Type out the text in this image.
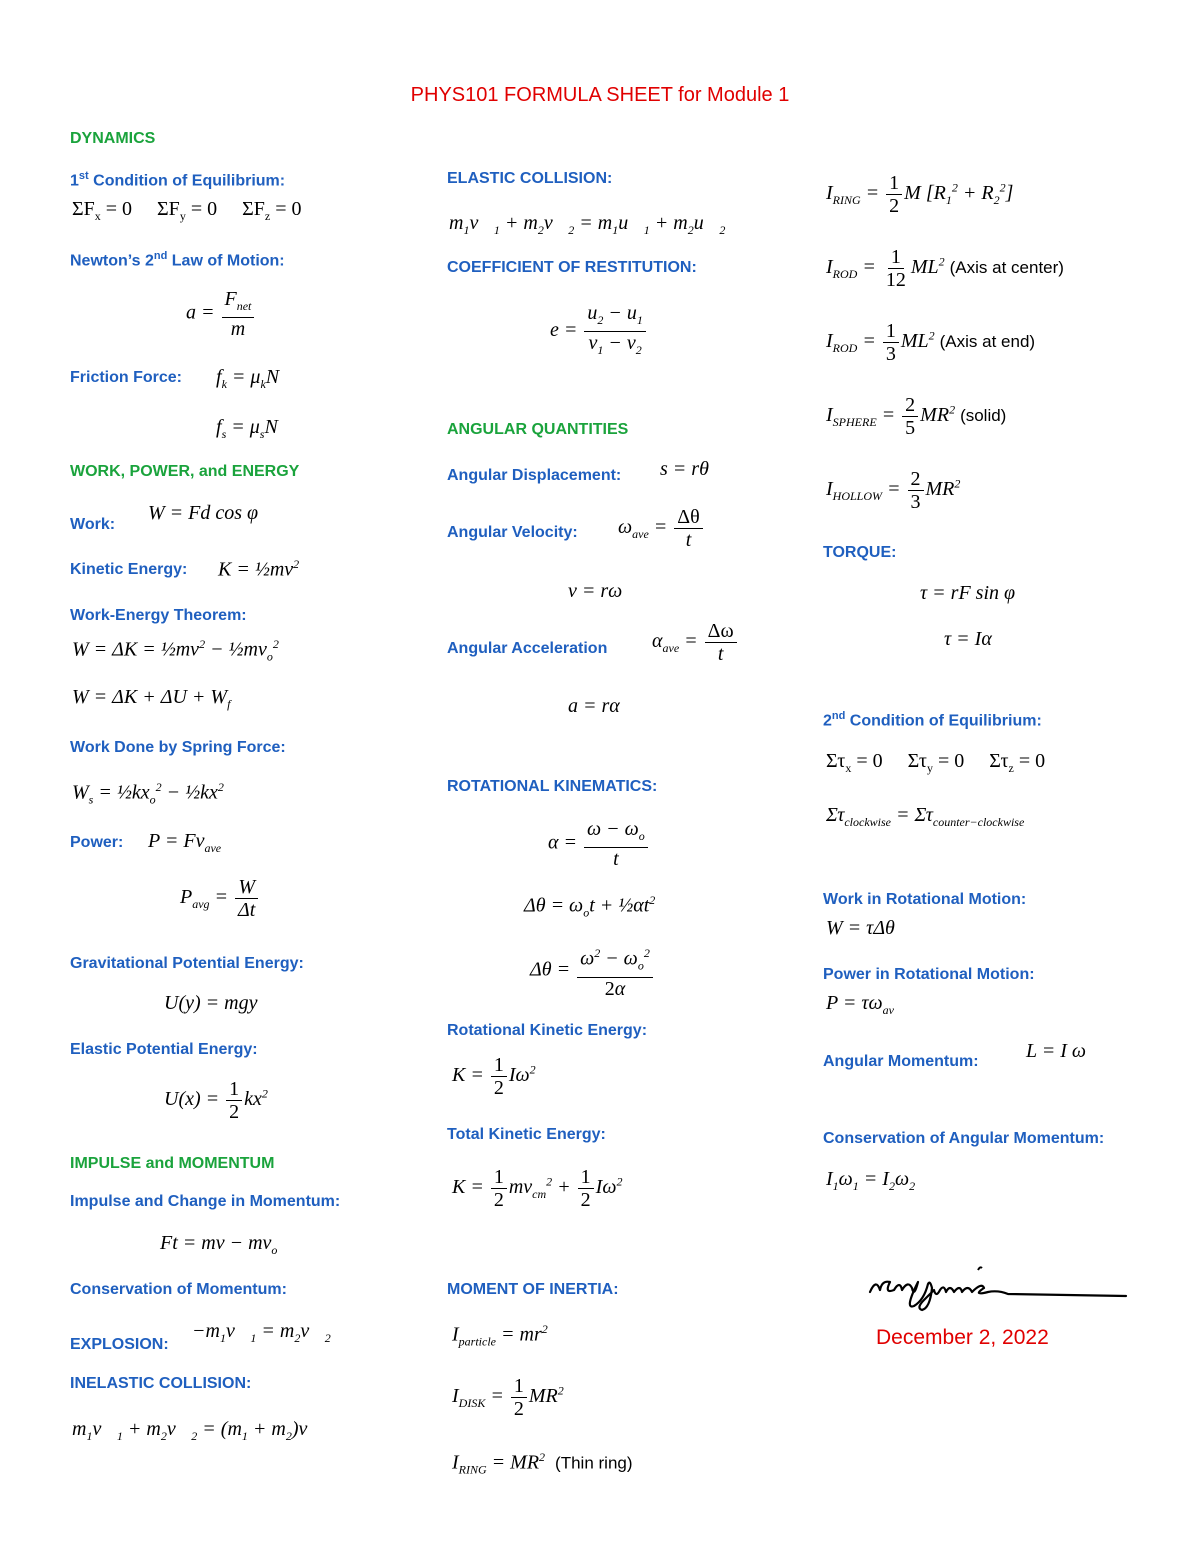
PHYS101 FORMULA SHEET for Module 1
DYNAMICS
1st Condition of Equilibrium:
$\Sigma F_x = 0$     $\Sigma F_y = 0$     $\Sigma F_z = 0$
Newton’s 2nd Law of Motion:
$a = \frac{F_{net}}{m}$
Friction Force: $f_k = \mu_kN$
$f_s = \mu_sN$
WORK, POWER, and ENERGY
Work:
W = Fd cos φ
Kinetic Energy: $K = \frac{1}{2}mv^2$
Work-Energy Theorem:
$W = \Delta K = \frac{1}{2}mv^2$ − $\frac{1}{2}mv_o^2$
$W = \Delta K + \Delta U + W_f$
Work Done by Spring Force:
$W_s$ = $\frac{1}{2}kx_o^2$ − $\frac{1}{2}kx^2$
Power: $P = Fv_{ave}$
$P_{avg} = \frac{W}{\Delta t}$
Gravitational Potential Energy:
U(y) = mgy
Elastic Potential Energy:
$U(x) = \frac{1}{2} kx^2$
IMPULSE and MOMENTUM
Impulse and Change in Momentum:
Ft = mv − $mv_o$
Conservation of Momentum:
EXPLOSION:
$-m_1v⃗_1$ = $m_2v⃗_2$
INELASTIC COLLISION:
$m_1v⃗_1$ + $m_2v⃗_2 = (m_1$ + $m_2)v⃗$
ELASTIC COLLISION:
$m_1v⃗_1$ + $m_2v⃗_2$ = $m_1u⃗_1$ + $m_2u⃗_2$
COEFFICIENT OF RESTITUTION:
$e = \frac{u_2 - u_1}{v_1 - v_2}$
ANGULAR QUANTITIES
Angular Displacement: s = rθ
Angular Velocity: $\omega_{ave} = \frac{\Delta\theta}{t}$
v = rω
Angular Acceleration $\alpha_{ave} = \frac{\Delta\omega}{t}$
a = rα
ROTATIONAL KINEMATICS:
$\alpha = \frac{\omega - \omega_o}{t}$
$\Delta\theta = \omega_ot$ + $\frac{1}{2}\alpha t^2$
$\Delta\theta = \frac{\omega^2 - \omega_o^2}{2\alpha}$
Rotational Kinetic Energy:
$K = \frac{1}{2} I\omega^2$
Total Kinetic Energy:
$K = \frac{1}{2} mv_{cm}^2 + \frac{1}{2} I\omega^2$
MOMENT OF INERTIA:
$I_{particle} = mr^2$
$I_{DISK} = \frac{1}{2} MR^2$
$I_{RING} = MR^2$ (Thin ring)
$I_{RING} = \frac{1}{2}$ M $[R_1^2 + R_2^2]$
$I_{ROD} = \frac{1}{12} ML^2$ (Axis at center)
$I_{ROD} = \frac{1}{3} ML^2$ (Axis at end)
$I_{SPHERE} = \frac{2}{5} MR^2$ (solid)
$I_{HOLLOW} = \frac{2}{3} MR^2$
TORQUE:
τ = rF sin φ
τ = Iα
2nd Condition of Equilibrium:
$\Sigma\tau_x = 0$     $\Sigma\tau_y = 0$     $\Sigma\tau_z = 0$
$\Sigma\tau_{clockwise} = \Sigma\tau_{counter-clockwise}$
Work in Rotational Motion:
W = τΔθ
Power in Rotational Motion:
$P = \tau\omega_{av}$
Angular Momentum: L = I ω
Conservation of Angular Momentum:
$I_1\omega_1 = I_2\omega_2$
December 2, 2022
